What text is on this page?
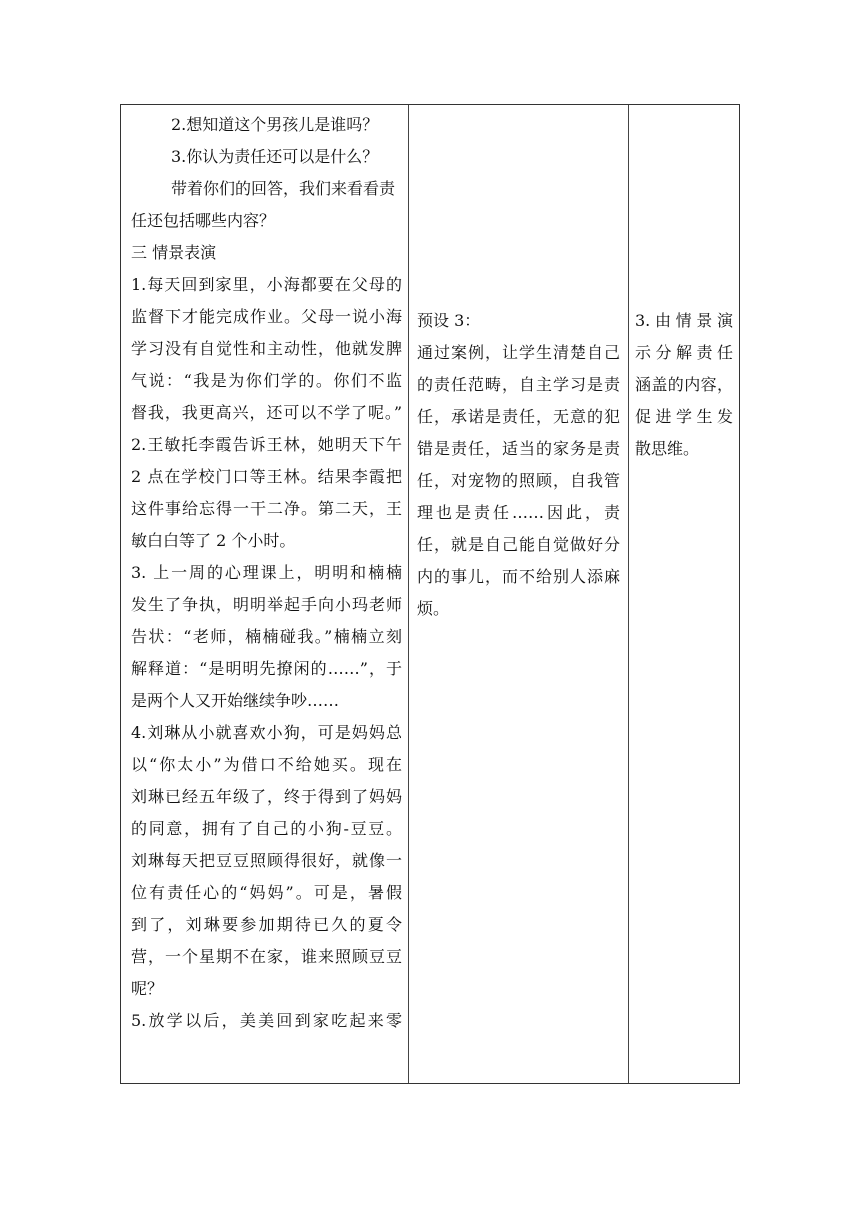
2.想知道这个男孩儿是谁吗？

3.你认为责任还可以是什么？

带着你们的回答，我们来看看责

任还包括哪些内容？

三 情景表演

1.每天回到家里，小海都要在父母的

监督下才能完成作业。父母一说小海

学习没有自觉性和主动性，他就发脾

气说：“我是为你们学的。你们不监

督我，我更高兴，还可以不学了呢。”

2.王敏托李霞告诉王林，她明天下午

2 点在学校门口等王林。结果李霞把

这件事给忘得一干二净。第二天，王

敏白白等了 2 个小时。

3. 上一周的心理课上，明明和楠楠

发生了争执，明明举起手向小玛老师

告状：“老师，楠楠碰我。”楠楠立刻

解释道：“是明明先撩闲的……”，于

是两个人又开始继续争吵……

4.刘琳从小就喜欢小狗，可是妈妈总

以“你太小”为借口不给她买。现在

刘琳已经五年级了，终于得到了妈妈

的同意，拥有了自己的小狗-豆豆。

刘琳每天把豆豆照顾得很好，就像一

位有责任心的“妈妈”。可是，暑假

到了，刘琳要参加期待已久的夏令

营，一个星期不在家，谁来照顾豆豆

呢？

5.放学以后，美美回到家吃起来零

预设 3：

通过案例，让学生清楚自己

的责任范畴，自主学习是责

任，承诺是责任，无意的犯

错是责任，适当的家务是责

任，对宠物的照顾，自我管

理也是责任……因此，责

任，就是自己能自觉做好分

内的事儿，而不给别人添麻

烦。

3.由情景演

示分解责任

涵盖的内容，

促进学生发

散思维。
